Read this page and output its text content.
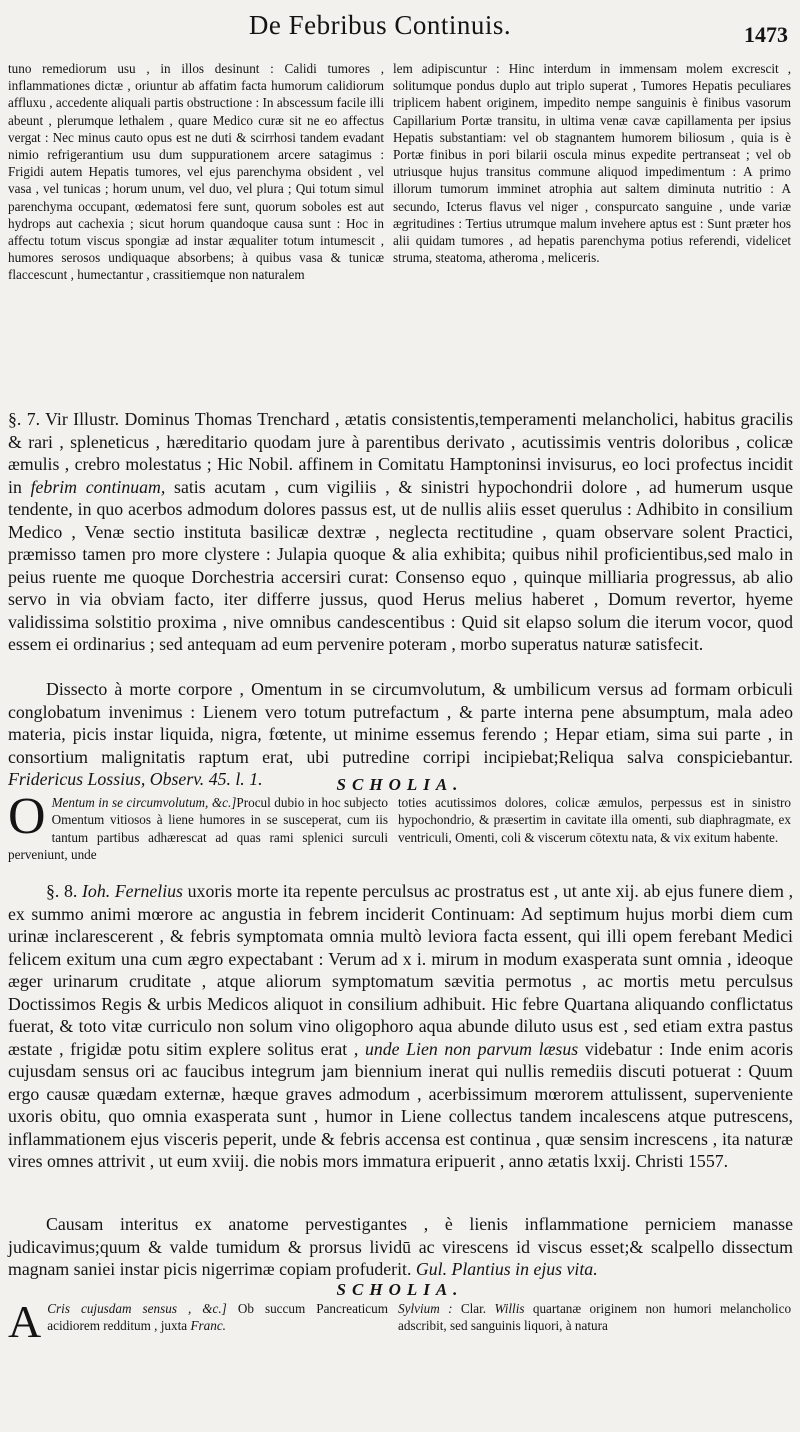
De Febribus Continuis.	1473

tuno remediorum usu , in illos desinunt : Calidi tumores , inflammationes dictæ , oriuntur ab affatim facta humorum calidiorum affluxu , accedente aliquali partis obstructione : In abscessum facile illi abeunt , plerumque lethalem , quare Medico curæ sit ne eo affectus vergat : Nec minus cauto opus est ne duti & scirrhosi tandem evadant nimio refrigerantium usu dum suppurationem arcere satagimus : Frigidi autem Hepatis tumores, vel ejus parenchyma obsident , vel vasa , vel tunicas ; horum unum, vel duo, vel plura ; Qui totum simul parenchyma occupant, œdematosi fere sunt, quorum soboles est aut hydrops aut cachexia ; sicut horum quandoque causa sunt : Hoc in affectu totum viscus spongiæ ad instar æqualiter totum intumescit , humores serosos undiquaque absorbens; à quibus vasa & tunicæ flaccescunt , humectantur , crassitiemque non naturalem

lem adipiscuntur : Hinc interdum in immensam molem excrescit , solitumque pondus duplo aut triplo superat , Tumores Hepatis peculiares triplicem habent originem, impedito nempe sanguinis è finibus vasorum Capillarium Portæ transitu, in ultima venæ cavæ capillamenta per ipsius Hepatis substantiam: vel ob stagnantem humorem biliosum , quia is è Portæ finibus in pori bilarii oscula minus expedite pertranseat ; vel ob utriusque hujus transitus commune aliquod impedimentum : A primo illorum tumorum imminet atrophia aut saltem diminuta nutritio : A secundo, Icterus flavus vel niger , conspurcato sanguine , unde variæ ægritudines : Tertius utrumque malum invehere aptus est : Sunt præter hos alii quidam tumores , ad hepatis parenchyma potius referendi, videlicet struma, steatoma, atheroma , meliceris.

§. 7. Vir Illustr. Dominus Thomas Trenchard , ætatis consistentis,temperamenti melancholici, habitus gracilis & rari , spleneticus , hæreditario quodam jure à parentibus derivato , acutissimis ventris doloribus , colicæ æmulis , crebro molestatus ; Hic Nobil. affinem in Comitatu Hamptoninsi invisurus, eo loci profectus incidit in febrim continuam, satis acutam , cum vigiliis , & sinistri hypochondrii dolore , ad humerum usque tendente, in quo acerbos admodum dolores passus est, ut de nullis aliis esset querulus : Adhibito in consilium Medico , Venæ sectio instituta basilicæ dextræ , neglecta rectitudine , quam observare solent Practici, præmisso tamen pro more clystere : Julapia quoque & alia exhibita; quibus nihil proficientibus,sed malo in peius ruente me quoque Dorchestria accersiri curat: Consenso equo , quinque milliaria progressus, ab alio servo in via obviam facto, iter differre jussus, quod Herus melius haberet , Domum revertor, hyeme validissima solstitio proxima , nive omnibus candescentibus : Quid sit elapso solum die iterum vocor, quod essem ei ordinarius ; sed antequam ad eum pervenire poteram , morbo superatus naturæ satisfecit.

Dissecto à morte corpore , Omentum in se circumvolutum, & umbilicum versus ad formam orbiculi conglobatum invenimus : Lienem vero totum putrefactum , & parte interna pene absumptum, mala adeo materia, picis instar liquida, nigra, fœtente, ut minime essemus ferendo ; Hepar etiam, sima sui parte , in consortium malignitatis raptum erat, ubi putredine corripi incipiebat;Reliqua salva conspiciebantur. Fridericus Lossius, Observ. 45. l. 1.	SCHOLIA.

O Mentum in se circumvolutum, &c.]Procul dubio in hoc subjecto Omentum vitiosos à liene humores in se susceperat, cum iis tantum partibus adhærescat ad quas rami splenici surculi perveniunt, unde

toties acutissimos dolores, colicæ æmulos, perpessus est in sinistro hypochondrio, & præsertim in cavitate illa omenti, sub diaphragmate, ex ventriculi, Omenti, coli & viscerum cōtextu nata, & vix exitum habente.

§. 8. Ioh. Fernelius uxoris morte ita repente perculsus ac prostratus est , ut ante xij. ab ejus funere diem , ex summo animi mœrore ac angustia in febrem inciderit Continuam: Ad septimum hujus morbi diem cum urinæ inclarescerent , & febris symptomata omnia multò leviora facta essent, qui illi opem ferebant Medici felicem exitum una cum ægro expectabant : Verum ad x i. mirum in modum exasperata sunt omnia , ideoque æger urinarum cruditate , atque aliorum symptomatum sævitia permotus , ac mortis metu perculsus Doctissimos Regis & urbis Medicos aliquot in consilium adhibuit. Hic febre Quartana aliquando conflictatus fuerat, & toto vitæ curriculo non solum vino oligophoro aqua abunde diluto usus est , sed etiam extra pastus æstate , frigidæ potu sitim explere solitus erat , unde Lien non parvum læsus videbatur : Inde enim acoris cujusdam sensus ori ac faucibus integrum jam biennium inerat qui nullis remediis discuti potuerat : Quum ergo causæ quædam externæ, hæque graves admodum , acerbissimum mœrorem attulissent, superveniente uxoris obitu, quo omnia exasperata sunt , humor in Liene collectus tandem incalescens atque putrescens, inflammationem ejus visceris peperit, unde & febris accensa est continua , quæ sensim increscens , ita naturæ vires omnes attrivit , ut eum xviij. die nobis mors immatura eripuerit , anno ætatis lxxij. Christi 1557.

Causam interitus ex anatome pervestigantes , è lienis inflammatione perniciem manasse judicavimus;quum & valde tumidum & prorsus lividū ac virescens id viscus esset;& scalpello dissectum magnam saniei instar picis nigerrimæ copiam profuderit. Gul. Plantius in ejus vita.

SCHOLIA.

A Cris cujusdam sensus , &c.] Ob succum Pancreaticum acidiorem redditum , juxta Franc.

Sylvium : Clar. Willis quartanæ originem non humori melancholico adscribit, sed sanguinis liquori, à natura
